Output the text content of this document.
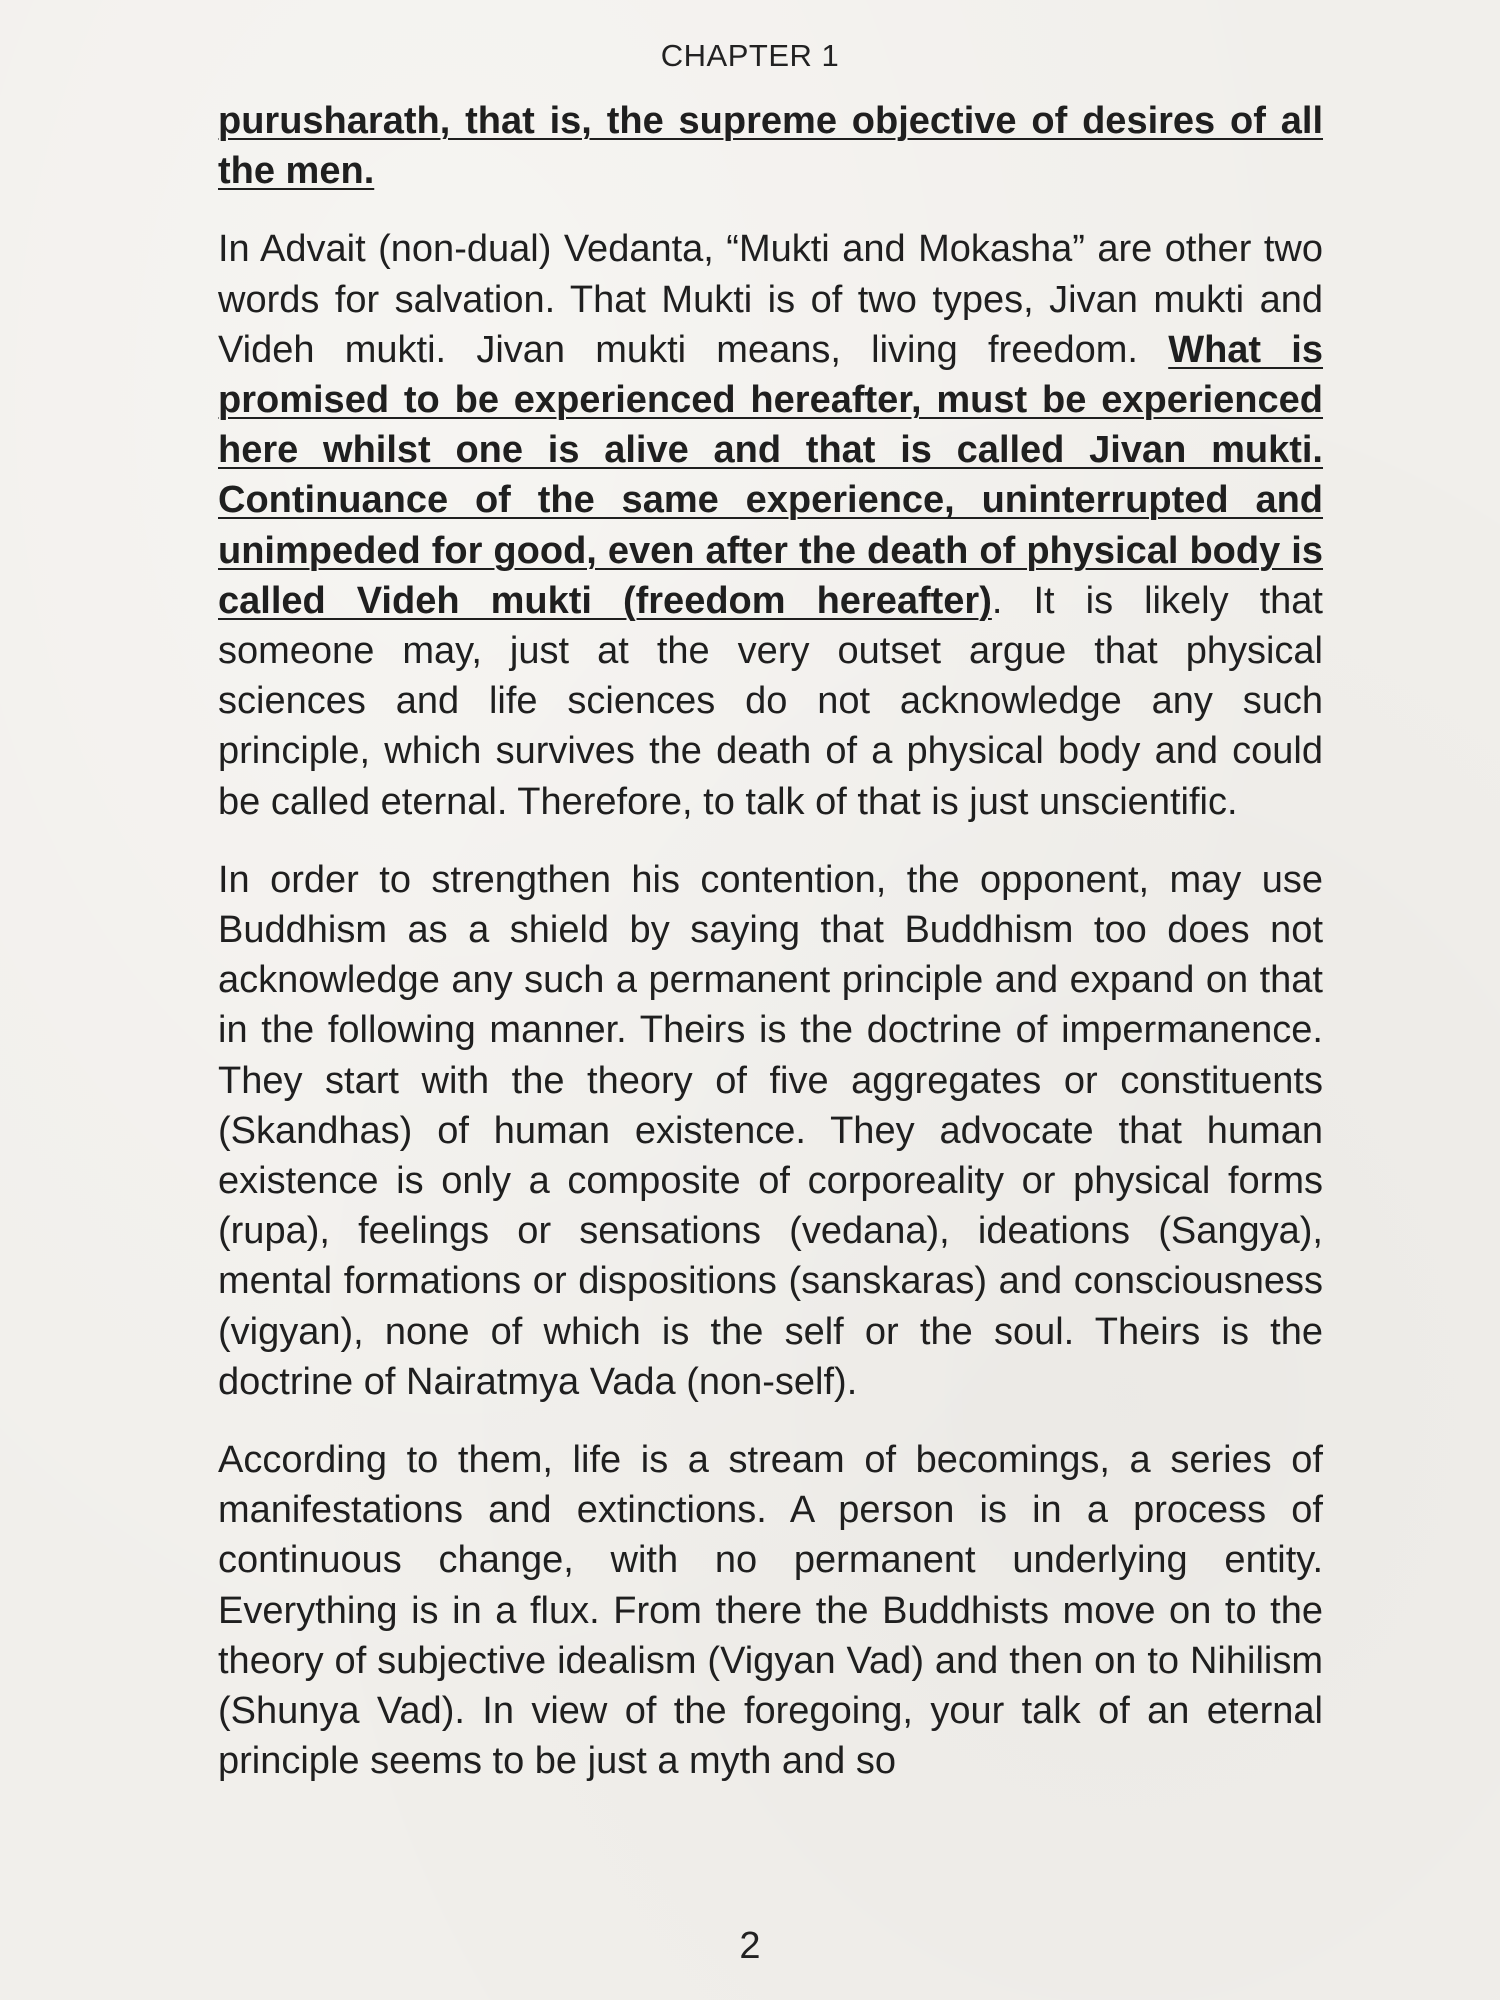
CHAPTER 1

purusharath, that is, the supreme objective of desires of all the men.

In Advait (non-dual) Vedanta, “Mukti and Mokasha” are other two words for salvation. That Mukti is of two types, Jivan mukti and Videh mukti. Jivan mukti means, living freedom. What is promised to be experienced hereafter, must be experienced here whilst one is alive and that is called Jivan mukti. Continuance of the same experience, uninterrupted and unimpeded for good, even after the death of physical body is called Videh mukti (freedom hereafter). It is likely that someone may, just at the very outset argue that physical sciences and life sciences do not acknowledge any such principle, which survives the death of a physical body and could be called eternal. Therefore, to talk of that is just unscientific.

In order to strengthen his contention, the opponent, may use Buddhism as a shield by saying that Buddhism too does not acknowledge any such a permanent principle and expand on that in the following manner. Theirs is the doctrine of impermanence. They start with the theory of five aggregates or constituents (Skandhas) of human existence. They advocate that human existence is only a composite of corporeality or physical forms (rupa), feelings or sensations (vedana), ideations (Sangya), mental formations or dispositions (sanskaras) and consciousness (vigyan), none of which is the self or the soul. Theirs is the doctrine of Nairatmya Vada (non-self).

According to them, life is a stream of becomings, a series of manifestations and extinctions. A person is in a process of continuous change, with no permanent underlying entity. Everything is in a flux. From there the Buddhists move on to the theory of subjective idealism (Vigyan Vad) and then on to Nihilism (Shunya Vad). In view of the foregoing, your talk of an eternal principle seems to be just a myth and so

2
